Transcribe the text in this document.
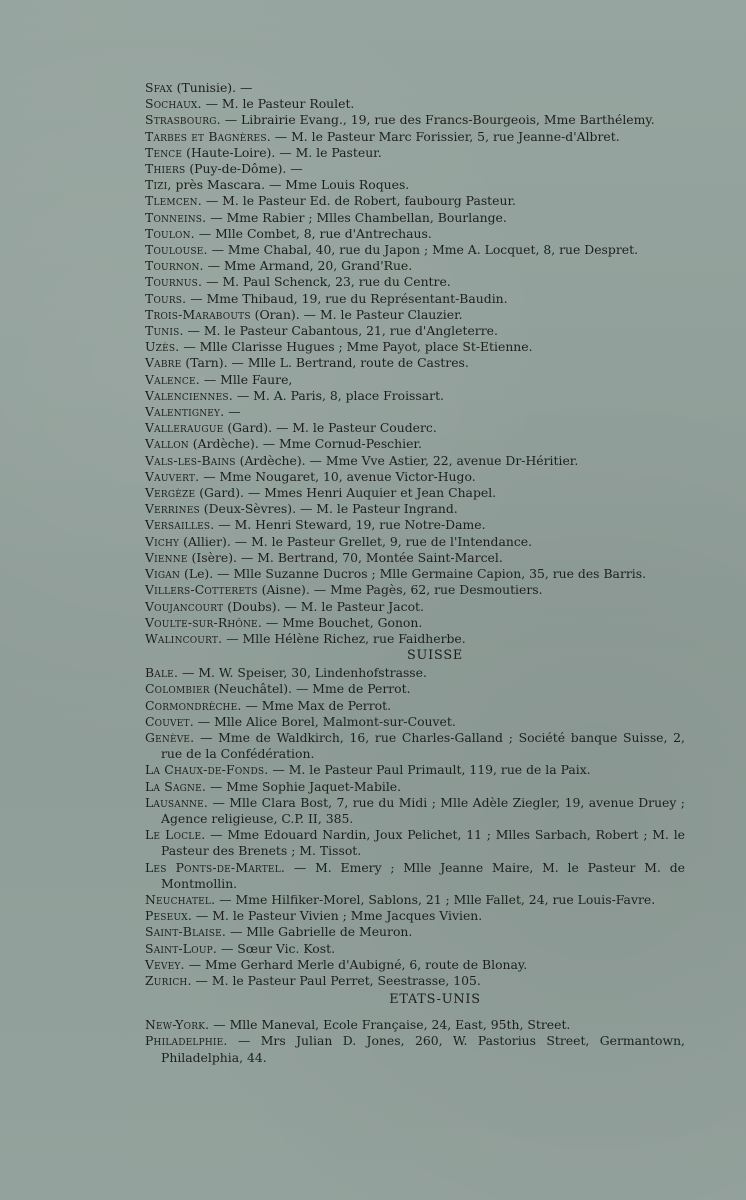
Sfax (Tunisie). —

Sochaux. — M. le Pasteur Roulet.

Strasbourg. — Librairie Evang., 19, rue des Francs-Bourgeois, Mme Barthélemy.

Tarbes et Bagnères. — M. le Pasteur Marc Forissier, 5, rue Jeanne-d'Albret.

Tence (Haute-Loire). — M. le Pasteur.

Thiers (Puy-de-Dôme). —

Tizi, près Mascara. — Mme Louis Roques.

Tlemcen. — M. le Pasteur Ed. de Robert, faubourg Pasteur.

Tonneins. — Mme Rabier ; Mlles Chambellan, Bourlange.

Toulon. — Mlle Combet, 8, rue d'Antrechaus.

Toulouse. — Mme Chabal, 40, rue du Japon ; Mme A. Locquet, 8, rue Despret.

Tournon. — Mme Armand, 20, Grand'Rue.

Tournus. — M. Paul Schenck, 23, rue du Centre.

Tours. — Mme Thibaud, 19, rue du Représentant-Baudin.

Trois-Marabouts (Oran). — M. le Pasteur Clauzier.

Tunis. — M. le Pasteur Cabantous, 21, rue d'Angleterre.

Uzès. — Mlle Clarisse Hugues ; Mme Payot, place St-Etienne.

Vabre (Tarn). — Mlle L. Bertrand, route de Castres.

Valence. — Mlle Faure,

Valenciennes. — M. A. Paris, 8, place Froissart.

Valentigney. —

Valleraugue (Gard). — M. le Pasteur Couderc.

Vallon (Ardèche). — Mme Cornud-Peschier.

Vals-les-Bains (Ardèche). — Mme Vve Astier, 22, avenue Dr-Héritier.

Vauvert. — Mme Nougaret, 10, avenue Victor-Hugo.

Vergèze (Gard). — Mmes Henri Auquier et Jean Chapel.

Verrines (Deux-Sèvres). — M. le Pasteur Ingrand.

Versailles. — M. Henri Steward, 19, rue Notre-Dame.

Vichy (Allier). — M. le Pasteur Grellet, 9, rue de l'Intendance.

Vienne (Isère). — M. Bertrand, 70, Montée Saint-Marcel.

Vigan (Le). — Mlle Suzanne Ducros ; Mlle Germaine Capion, 35, rue des Barris.

Villers-Cotterets (Aisne). — Mme Pagès, 62, rue Desmoutiers.

Voujancourt (Doubs). — M. le Pasteur Jacot.

Voulte-sur-Rhône. — Mme Bouchet, Gonon.

Walincourt. — Mlle Hélène Richez, rue Faidherbe.

SUISSE

Bale. — M. W. Speiser, 30, Lindenhofstrasse.

Colombier (Neuchâtel). — Mme de Perrot.

Cormondrèche. — Mme Max de Perrot.

Couvet. — Mlle Alice Borel, Malmont-sur-Couvet.

Genève. — Mme de Waldkirch, 16, rue Charles-Galland ; Société banque Suisse, 2, rue de la Confédération.

La Chaux-de-Fonds. — M. le Pasteur Paul Primault, 119, rue de la Paix.

La Sagne. — Mme Sophie Jaquet-Mabile.

Lausanne. — Mlle Clara Bost, 7, rue du Midi ; Mlle Adèle Ziegler, 19, avenue Druey ; Agence religieuse, C.P. II, 385.

Le Locle. — Mme Edouard Nardin, Joux Pelichet, 11 ; Mlles Sarbach, Robert ; M. le Pasteur des Brenets ; M. Tissot.

Les Ponts-de-Martel. — M. Emery ; Mlle Jeanne Maire, M. le Pasteur M. de Montmollin.

Neuchatel. — Mme Hilfiker-Morel, Sablons, 21 ; Mlle Fallet, 24, rue Louis-Favre.

Peseux. — M. le Pasteur Vivien ; Mme Jacques Vivien.

Saint-Blaise. — Mlle Gabrielle de Meuron.

Saint-Loup. — Sœur Vic. Kost.

Vevey. — Mme Gerhard Merle d'Aubigné, 6, route de Blonay.

Zurich. — M. le Pasteur Paul Perret, Seestrasse, 105.

ETATS-UNIS

New-York. — Mlle Maneval, Ecole Française, 24, East, 95th, Street.

Philadelphie. — Mrs Julian D. Jones, 260, W. Pastorius Street, Germantown, Philadelphia, 44.
